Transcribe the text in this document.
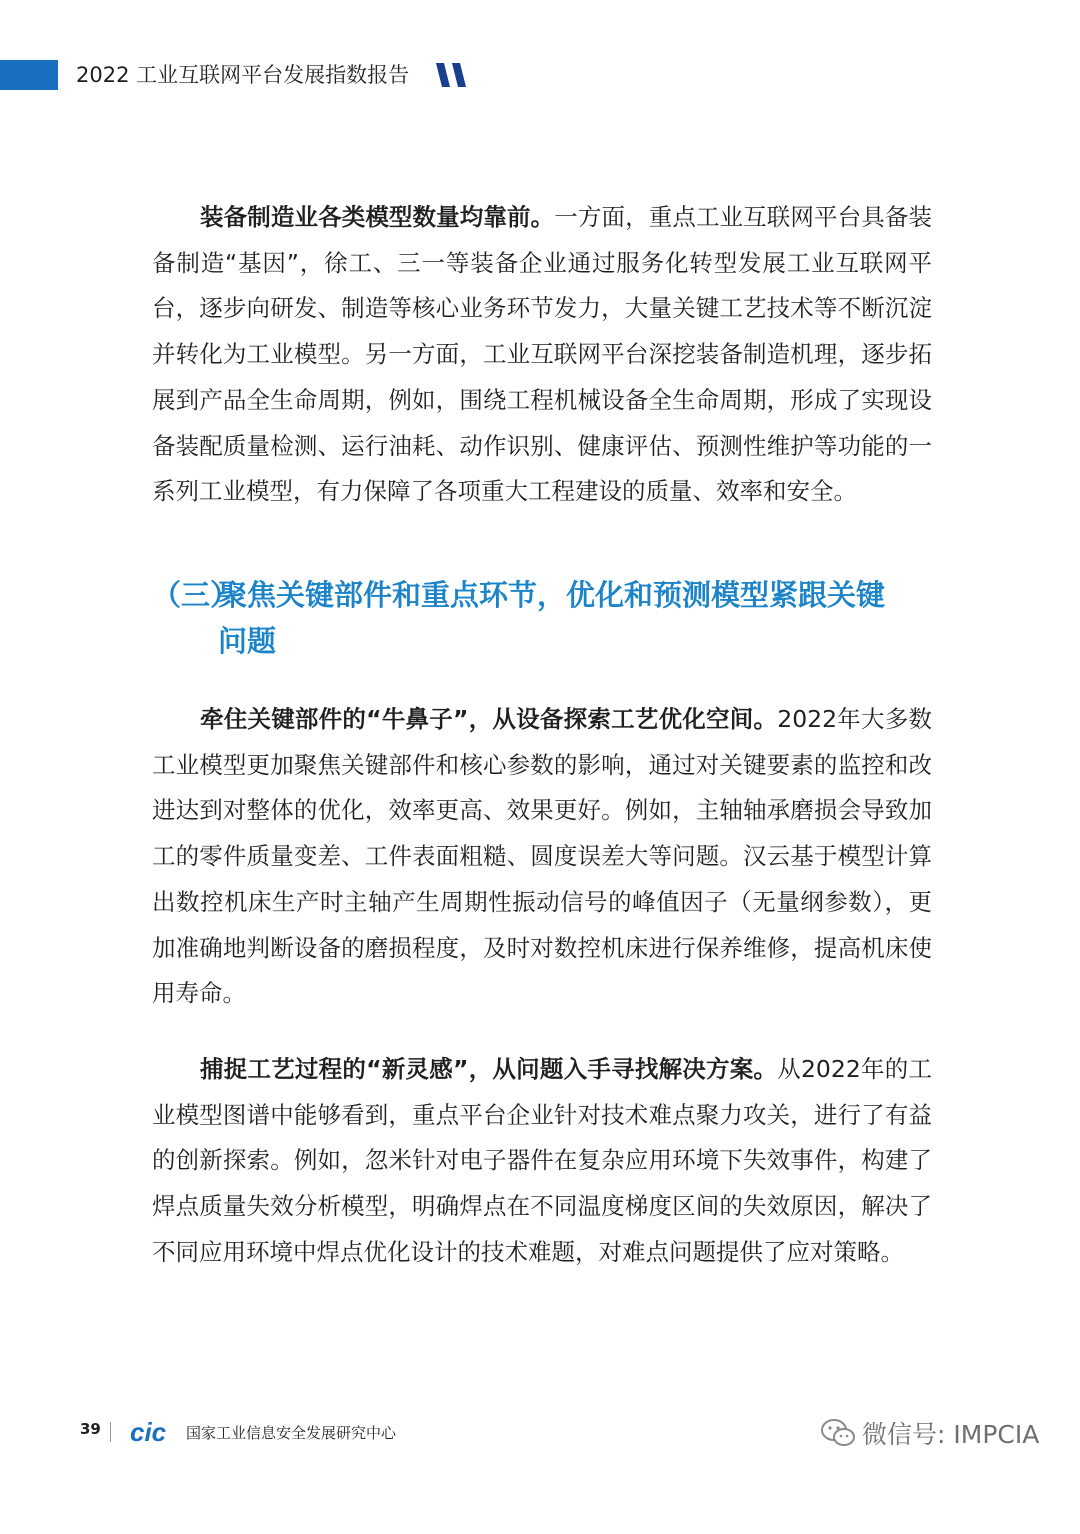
2022 工业互联网平台发展指数报告

装备制造业各类模型数量均靠前。一方面，重点工业互联网平台具备装备制造“基因”，徐工、三一等装备企业通过服务化转型发展工业互联网平台，逐步向研发、制造等核心业务环节发力，大量关键工艺技术等不断沉淀并转化为工业模型。另一方面，工业互联网平台深挖装备制造机理，逐步拓展到产品全生命周期，例如，围绕工程机械设备全生命周期，形成了实现设备装配质量检测、运行油耗、动作识别、健康评估、预测性维护等功能的一系列工业模型，有力保障了各项重大工程建设的质量、效率和安全。

（三）聚焦关键部件和重点环节，优化和预测模型紧跟关键
问题

牵住关键部件的“牛鼻子”，从设备探索工艺优化空间。2022年大多数工业模型更加聚焦关键部件和核心参数的影响，通过对关键要素的监控和改进达到对整体的优化，效率更高、效果更好。例如，主轴轴承磨损会导致加工的零件质量变差、工件表面粗糙、圆度误差大等问题。汉云基于模型计算出数控机床生产时主轴产生周期性振动信号的峰值因子（无量纲参数），更加准确地判断设备的磨损程度，及时对数控机床进行保养维修，提高机床使用寿命。

捕捉工艺过程的“新灵感”，从问题入手寻找解决方案。从2022年的工业模型图谱中能够看到，重点平台企业针对技术难点聚力攻关，进行了有益的创新探索。例如，忽米针对电子器件在复杂应用环境下失效事件，构建了焊点质量失效分析模型，明确焊点在不同温度梯度区间的失效原因，解决了不同应用环境中焊点优化设计的技术难题，对难点问题提供了应对策略。

39 cic 国家工业信息安全发展研究中心	微信号: IMPCIA
